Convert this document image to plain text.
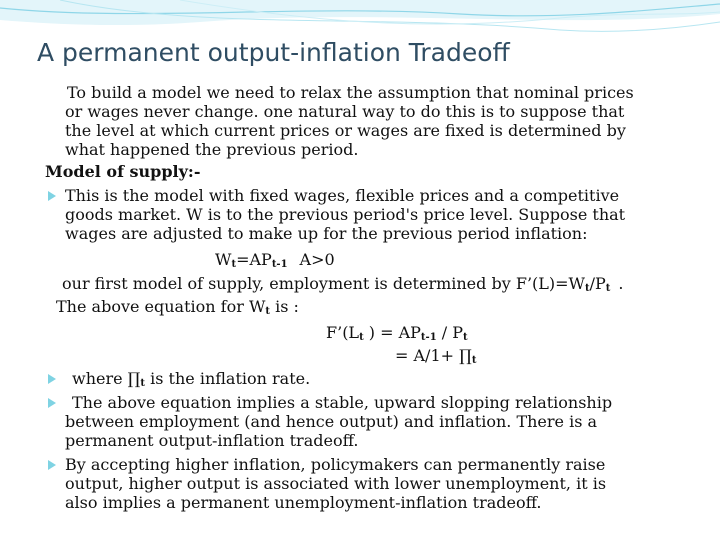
A permanent output-inflation Tradeoff

To build a model we need to relax the assumption that nominal prices

or wages never change. one natural way to do this is to suppose that

the level at which current prices or wages are fixed is determined by

what happened the previous period.

Model of supply:-

This is the model with fixed wages, flexible prices and a competitive

goods market. W is to the previous period's price level. Suppose that

wages are adjusted to make up for the previous period inflation:

$W_t=AP_{t-1}$ A>0

our first model of supply, employment is determined by $F’(L)=W_t/P_t$ .

The above equation for $W_t$ is :

$F’(L_t$ ) = $AP_{t-1} / P_t$

= $A/1+ \prod_t$

where $\prod_t$ is the inflation rate.

The above equation implies a stable, upward slopping relationship

between employment (and hence output) and inflation. There is a

permanent output-inflation tradeoff.

By accepting higher inflation, policymakers can permanently raise

output, higher output is associated with lower unemployment, it is

also implies a permanent unemployment-inflation tradeoff.
